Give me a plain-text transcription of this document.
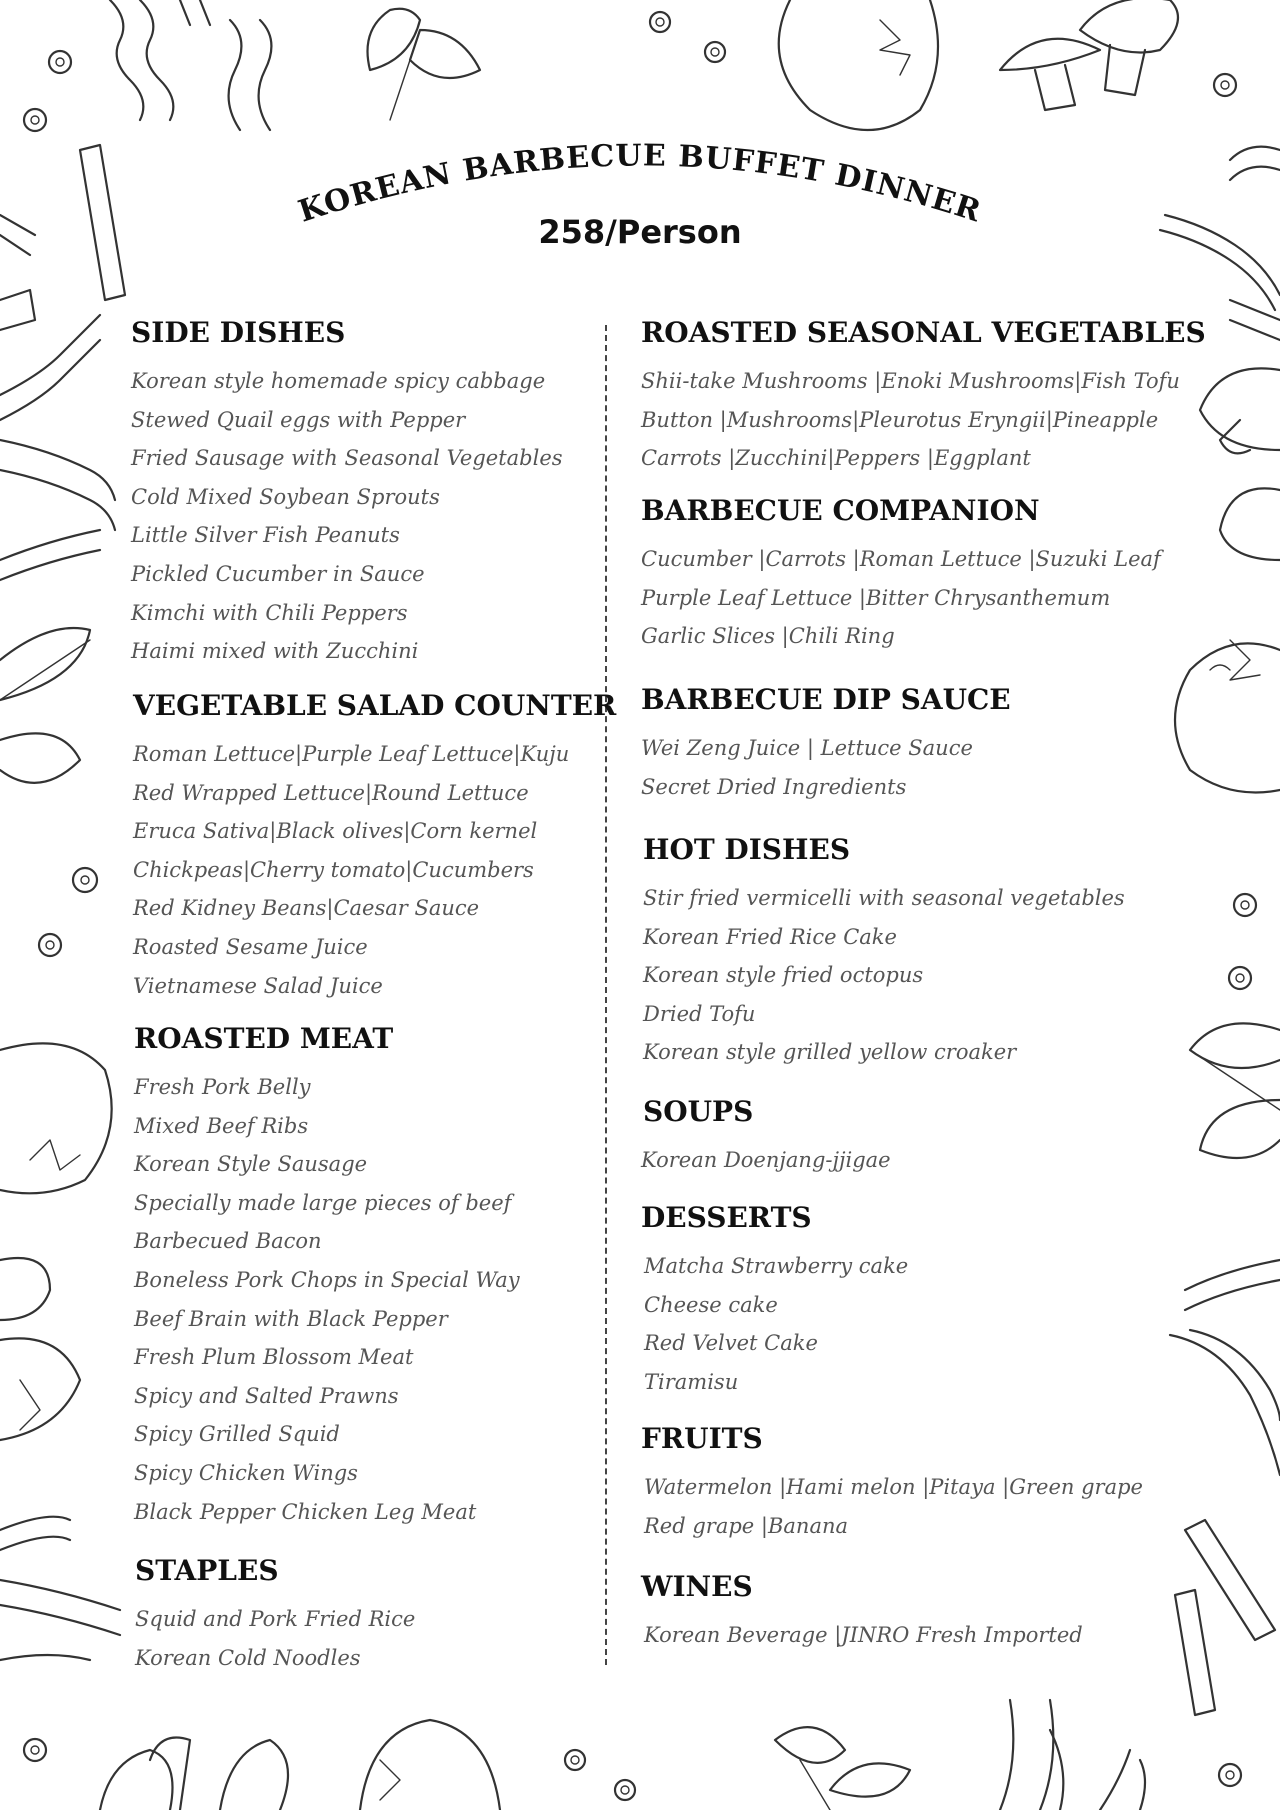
KOREAN BARBECUE BUFFET DINNER
258/Person
SIDE DISHES
Korean style homemade spicy cabbage
Stewed Quail eggs with Pepper
Fried Sausage with Seasonal Vegetables
Cold Mixed Soybean Sprouts
Little Silver Fish Peanuts
Pickled Cucumber in Sauce
Kimchi with Chili Peppers
Haimi mixed with Zucchini
VEGETABLE SALAD COUNTER
Roman Lettuce|Purple Leaf Lettuce|Kuju
Red Wrapped Lettuce|Round Lettuce
Eruca Sativa|Black olives|Corn kernel
Chickpeas|Cherry tomato|Cucumbers
Red Kidney Beans|Caesar Sauce
Roasted Sesame Juice
Vietnamese Salad Juice
ROASTED MEAT
Fresh Pork Belly
Mixed Beef Ribs
Korean Style Sausage
Specially made large pieces of beef
Barbecued Bacon
Boneless Pork Chops in Special Way
Beef Brain with Black Pepper
Fresh Plum Blossom Meat
Spicy and Salted Prawns
Spicy Grilled Squid
Spicy Chicken Wings
Black Pepper Chicken Leg Meat
STAPLES
Squid and Pork Fried Rice
Korean Cold Noodles
ROASTED SEASONAL VEGETABLES
Shii-take Mushrooms |Enoki Mushrooms|Fish Tofu
Button |Mushrooms|Pleurotus Eryngii|Pineapple
Carrots |Zucchini|Peppers |Eggplant
BARBECUE COMPANION
Cucumber |Carrots |Roman Lettuce |Suzuki Leaf
Purple Leaf Lettuce |Bitter Chrysanthemum
Garlic Slices |Chili Ring
BARBECUE DIP SAUCE
Wei Zeng Juice | Lettuce Sauce
Secret Dried Ingredients
HOT DISHES
Stir fried vermicelli with seasonal vegetables
Korean Fried Rice Cake
Korean style fried octopus
Dried Tofu
Korean style grilled yellow croaker
SOUPS
Korean Doenjang-jjigae
DESSERTS
Matcha Strawberry cake
Cheese cake
Red Velvet Cake
Tiramisu
FRUITS
Watermelon |Hami melon |Pitaya |Green grape
Red grape |Banana
WINES
Korean Beverage |JINRO Fresh Imported
